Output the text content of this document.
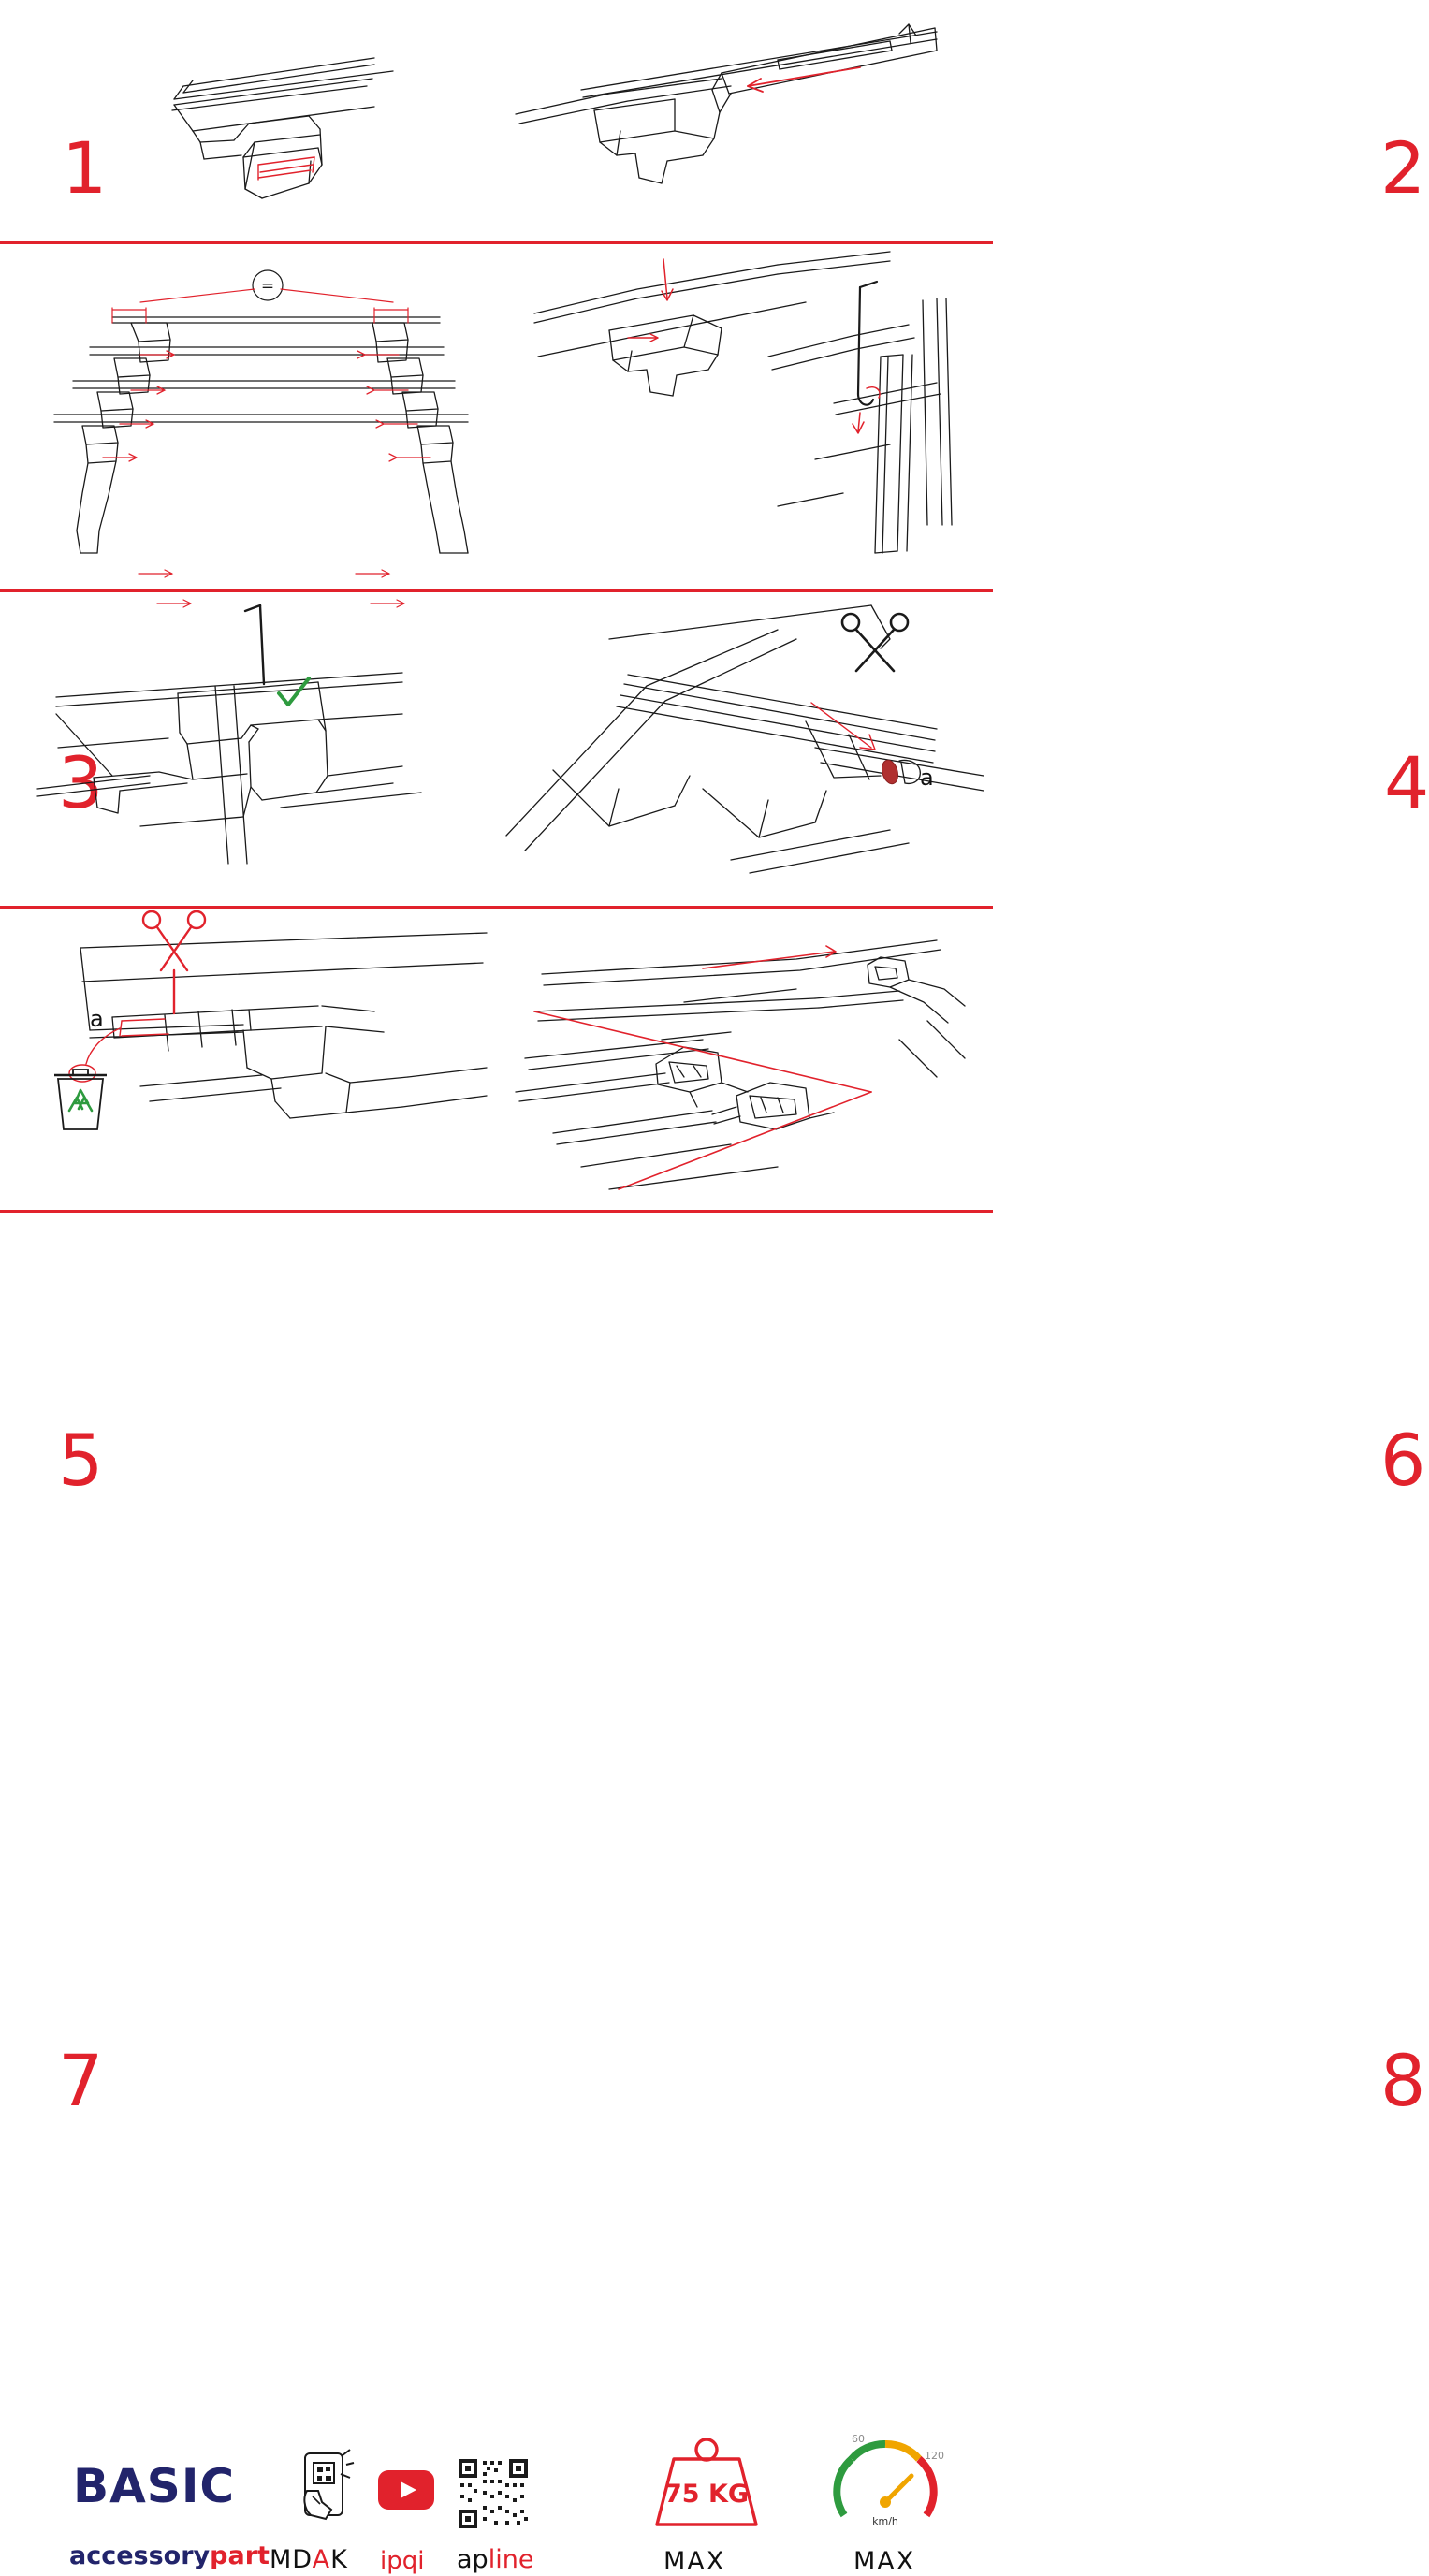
1	2
=
3	4
5
a
6
a
7	8
BASIC
accessorypart MDAK ipqi apline
75 KG
MAX
60
120
km/h
MAX
